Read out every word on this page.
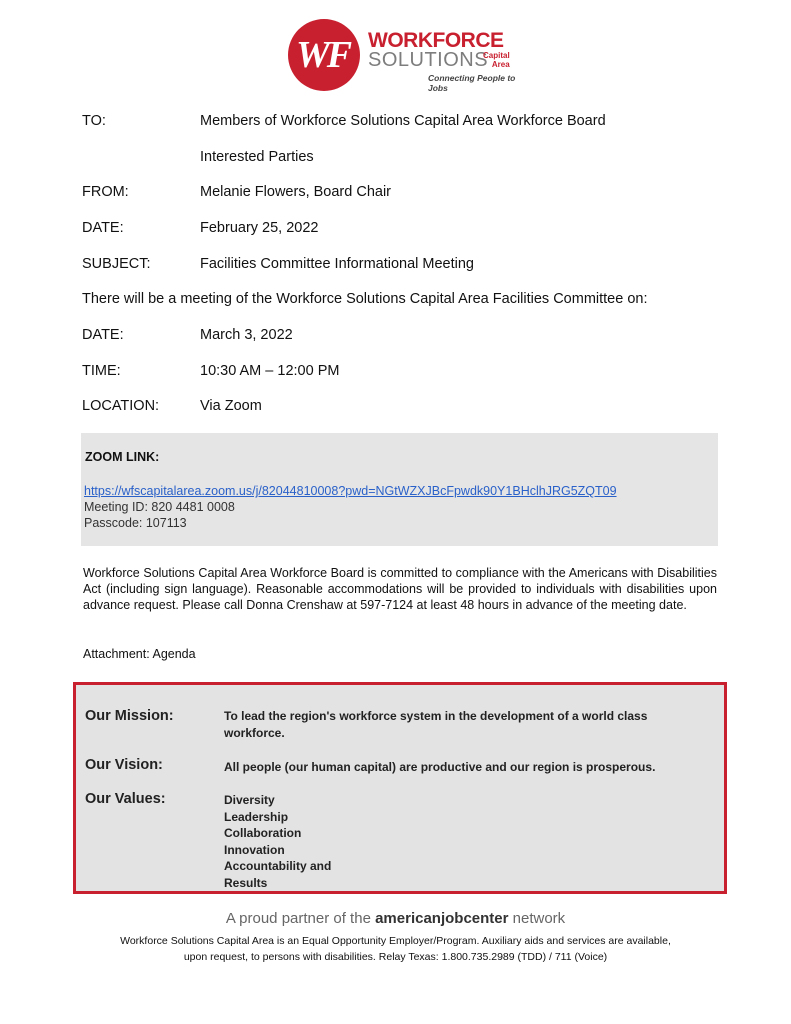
WF WORKFORCE
SOLUTIONS
Capital
Area
Connecting People to Jobs
TO:	Members of Workforce Solutions Capital Area Workforce Board
Interested Parties
FROM:	Melanie Flowers, Board Chair
DATE:	February 25, 2022
SUBJECT:	Facilities Committee Informational Meeting
There will be a meeting of the Workforce Solutions Capital Area Facilities Committee on:
DATE:	March 3, 2022
TIME:	10:30 AM – 12:00 PM
LOCATION:	Via Zoom
ZOOM LINK:
https://wfscapitalarea.zoom.us/j/82044810008?pwd=NGtWZXJBcFpwdk90Y1BHclhJRG5ZQT09
Meeting ID: 820 4481 0008
Passcode: 107113
Workforce Solutions Capital Area Workforce Board is committed to compliance with the Americans with Disabilities Act (including sign language). Reasonable accommodations will be provided to individuals with disabilities upon advance request. Please call Donna Crenshaw at 597-7124 at least 48 hours in advance of the meeting date.
Attachment: Agenda
Our Mission:	To lead the region's workforce system in the development of a world class workforce.
Our Vision:	All people (our human capital) are productive and our region is prosperous.
Our Values:	Diversity
Leadership
Collaboration
Innovation
Accountability and
Results
A proud partner of the americanjobcenter network
Workforce Solutions Capital Area is an Equal Opportunity Employer/Program. Auxiliary aids and services are available,
upon request, to persons with disabilities. Relay Texas: 1.800.735.2989 (TDD) / 711 (Voice)
